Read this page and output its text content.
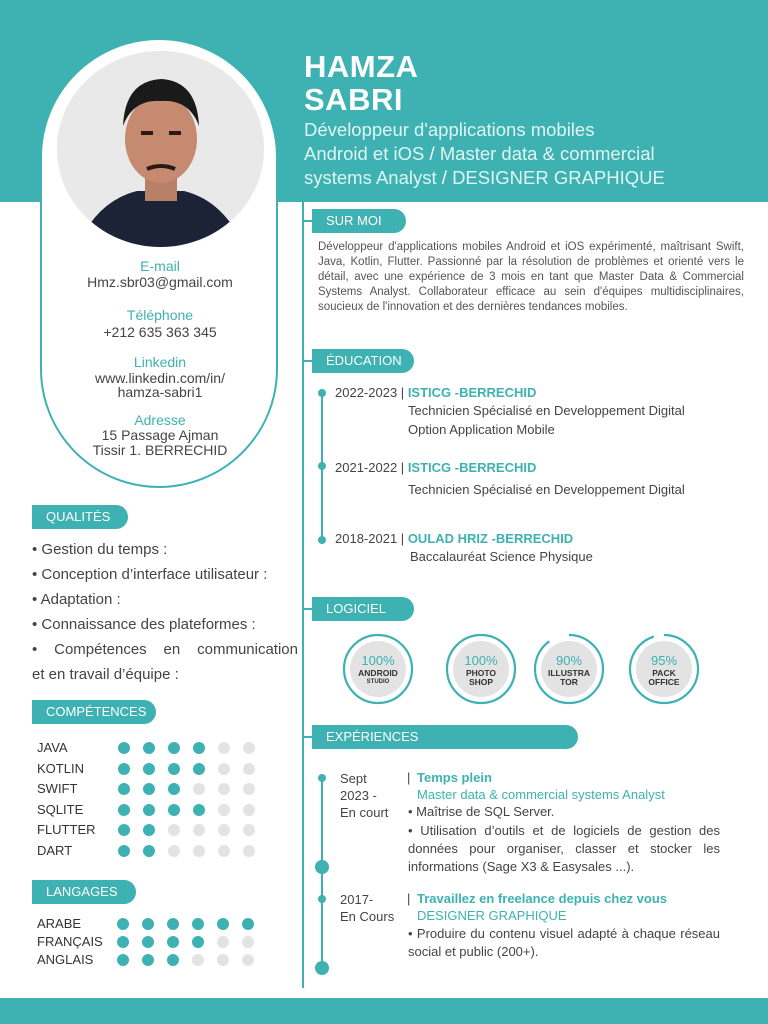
E-mail
Hmz.sbr03@gmail.com
Téléphone
+212 635 363 345
Linkedin
www.linkedin.com/in/
hamza-sabri1
Adresse
15 Passage Ajman
Tissir 1. BERRECHID
HAMZA
SABRI
Développeur d'applications mobiles
Android et iOS / Master data & commercial
systems Analyst / DESIGNER GRAPHIQUE
SUR MOI
Développeur d'applications mobiles Android et iOS expérimenté, maîtrisant Swift, Java, Kotlin, Flutter. Passionné par la résolution de problèmes et orienté vers le détail, avec une expérience de 3 mois en tant que Master Data & Commercial Systems Analyst. Collaborateur efficace au sein d'équipes multidisciplinaires, soucieux de l'innovation et des dernières tendances mobiles.
ÉDUCATION
2022-2023 | ISTICG -BERRECHID
Technicien Spécialisé en Developpement Digital
Option Application Mobile
2021-2022 | ISTICG -BERRECHID
Technicien Spécialisé en Developpement Digital
2018-2021 | OULAD HRIZ -BERRECHID
Baccalauréat Science Physique
LOGICIEL
100%
ANDROID
STUDIO
100%
PHOTO
SHOP
90%
ILLUSTRA
TOR
95%
PACK
OFFICE
EXPÉRIENCES PROFESSIONNELLES
Sept
2023 -
En court
| Temps plein
Master data & commercial systems Analyst
• Maîtrise de SQL Server.
• Utilisation d’outils et de logiciels de gestion des données pour organiser, classer et stocker les informations (Sage X3 & Easysales ...).
2017-
En Cours
| Travaillez en freelance depuis chez vous
DESIGNER GRAPHIQUE
• Produire du contenu visuel adapté à chaque réseau social et public (200+).
QUALITÉS
• Gestion du temps :
• Conception d’interface utilisateur :
• Adaptation :
• Connaissance des plateformes :
• Compétences en communication
et en travail d’équipe :
COMPÉTENCES
JAVA
KOTLIN
SWIFT
SQLITE
FLUTTER
DART
LANGAGES
ARABE
FRANÇAIS
ANGLAIS
